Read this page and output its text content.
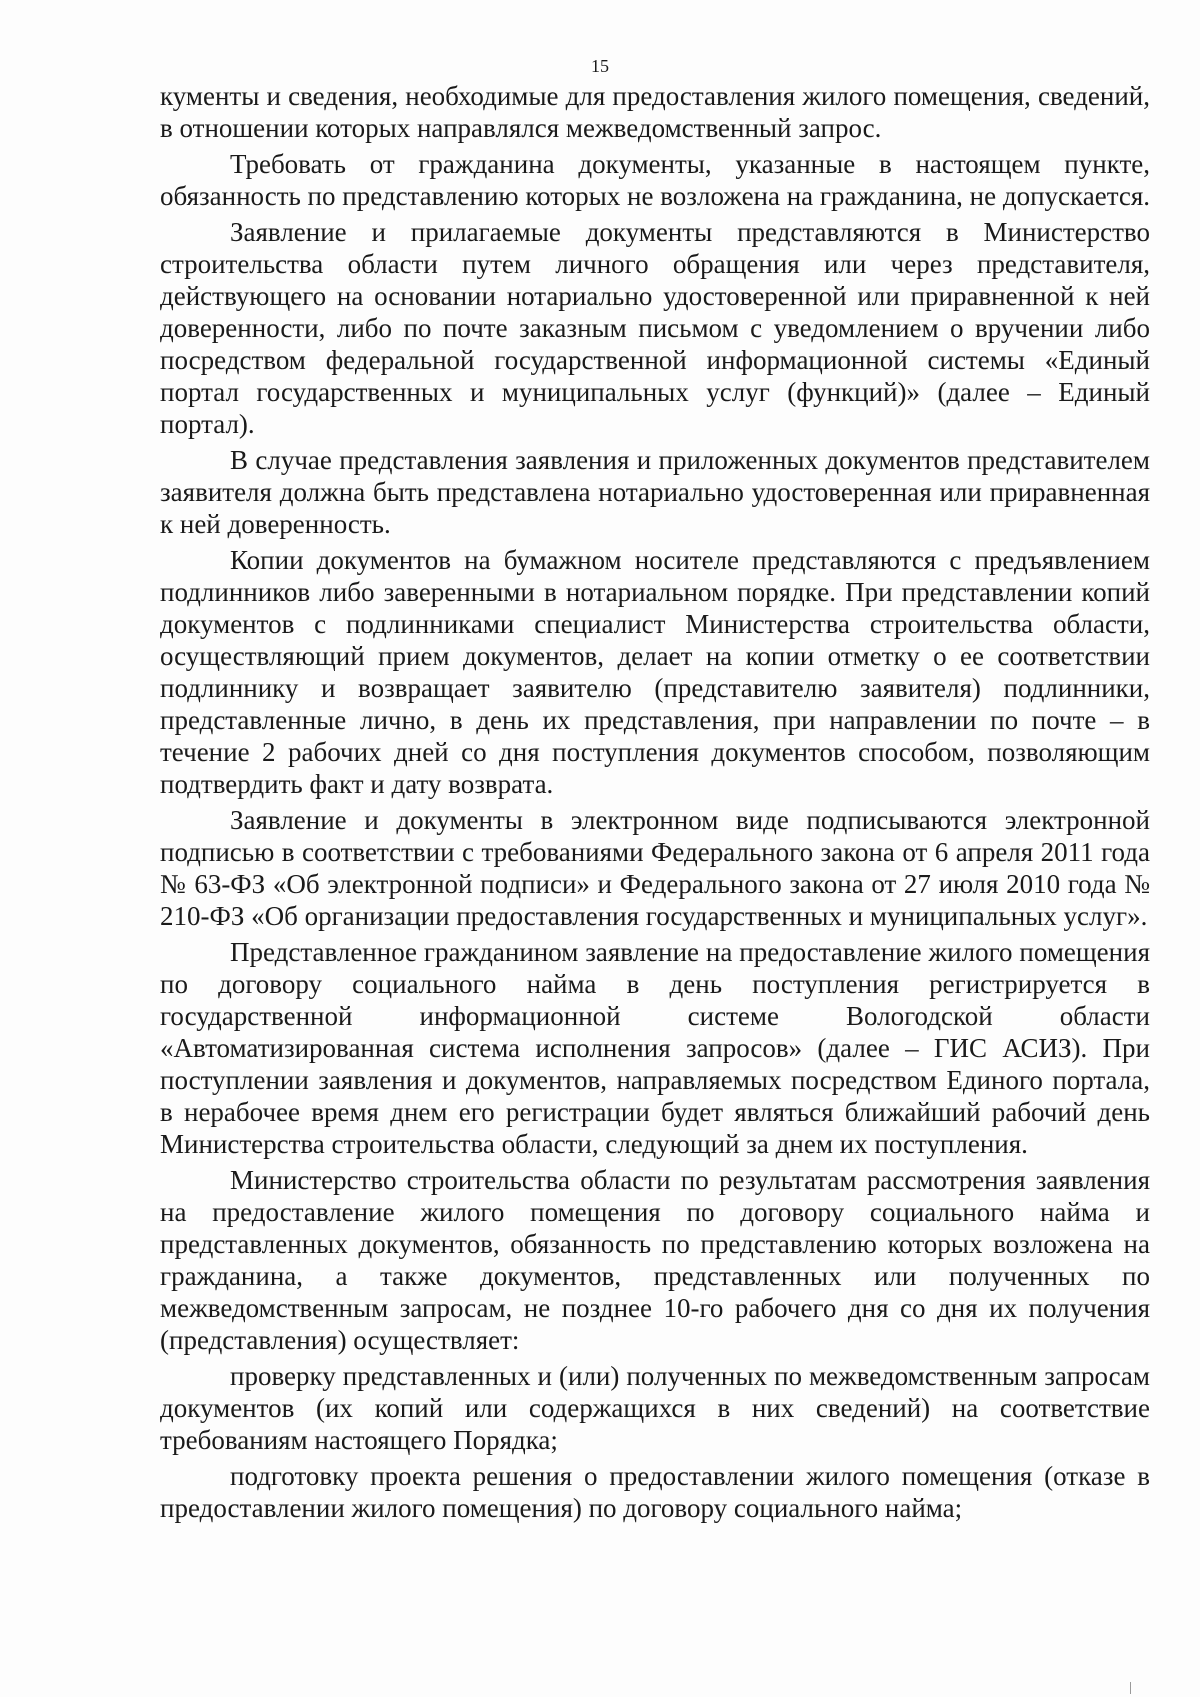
15

кументы и сведения, необходимые для предоставления жилого помещения, сведений, в отношении которых направлялся межведомственный запрос.

Требовать от гражданина документы, указанные в настоящем пункте, обязанность по представлению которых не возложена на гражданина, не допускается.

Заявление и прилагаемые документы представляются в Министерство строительства области путем личного обращения или через представителя, действующего на основании нотариально удостоверенной или приравненной к ней доверенности, либо по почте заказным письмом с уведомлением о вручении либо посредством федеральной государственной информационной системы «Единый портал государственных и муниципальных услуг (функций)» (далее – Единый портал).

В случае представления заявления и приложенных документов представителем заявителя должна быть представлена нотариально удостоверенная или приравненная к ней доверенность.

Копии документов на бумажном носителе представляются с предъявлением подлинников либо заверенными в нотариальном порядке. При представлении копий документов с подлинниками специалист Министерства строительства области, осуществляющий прием документов, делает на копии отметку о ее соответствии подлиннику и возвращает заявителю (представителю заявителя) подлинники, представленные лично, в день их представления, при направлении по почте – в течение 2 рабочих дней со дня поступления документов способом, позволяющим подтвердить факт и дату возврата.

Заявление и документы в электронном виде подписываются электронной подписью в соответствии с требованиями Федерального закона от 6 апреля 2011 года № 63-ФЗ «Об электронной подписи» и Федерального закона от 27 июля 2010 года № 210-ФЗ «Об организации предоставления государственных и муниципальных услуг».

Представленное гражданином заявление на предоставление жилого помещения по договору социального найма в день поступления регистрируется в государственной информационной системе Вологодской области «Автоматизированная система исполнения запросов» (далее – ГИС АСИЗ). При поступлении заявления и документов, направляемых посредством Единого портала, в нерабочее время днем его регистрации будет являться ближайший рабочий день Министерства строительства области, следующий за днем их поступления.

Министерство строительства области по результатам рассмотрения заявления на предоставление жилого помещения по договору социального найма и представленных документов, обязанность по представлению которых возложена на гражданина, а также документов, представленных или полученных по межведомственным запросам, не позднее 10-го рабочего дня со дня их получения (представления) осуществляет:

проверку представленных и (или) полученных по межведомственным запросам документов (их копий или содержащихся в них сведений) на соответствие требованиям настоящего Порядка;

подготовку проекта решения о предоставлении жилого помещения (отказе в предоставлении жилого помещения) по договору социального найма;
